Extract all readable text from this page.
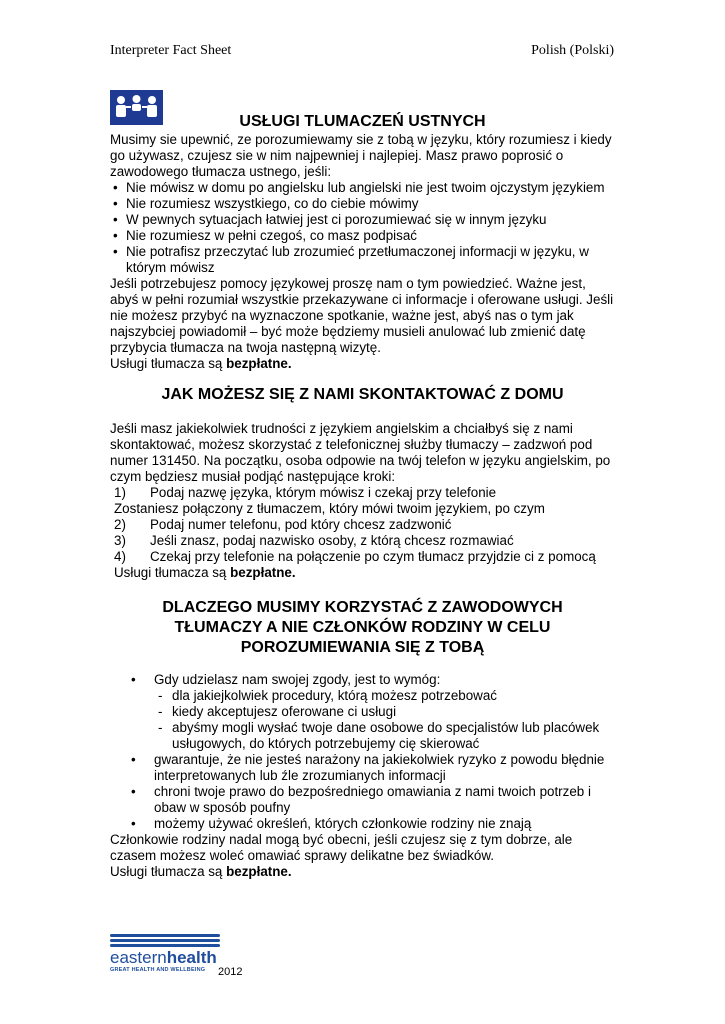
Interpreter Fact Sheet	Polish (Polski)
USŁUGI TLUMACZEŃ USTNYCH

Musimy sie upewnić, ze porozumiewamy sie z tobą w języku, który rozumiesz i kiedy go używasz, czujesz sie w nim najpewniej i najlepiej. Masz prawo poprosić o zawodowego tłumacza ustnego, jeśli:

• Nie mówisz w domu po angielsku lub angielski nie jest twoim ojczystym językiem
• Nie rozumiesz wszystkiego, co do ciebie mówimy
• W pewnych sytuacjach łatwiej jest ci porozumiewać się w innym języku
• Nie rozumiesz w pełni czegoś, co masz podpisać
• Nie potrafisz przeczytać lub zrozumieć przetłumaczonej informacji w języku, w którym mówisz

Jeśli potrzebujesz pomocy językowej proszę nam o tym powiedzieć. Ważne jest, abyś w pełni rozumiał wszystkie przekazywane ci informacje i oferowane usługi. Jeśli nie możesz przybyć na wyznaczone spotkanie, ważne jest, abyś nas o tym jak najszybciej powiadomił – być może będziemy musieli anulować lub zmienić datę przybycia tłumacza na twoja następną wizytę.

Usługi tłumacza są bezpłatne.

JAK MOŻESZ SIĘ Z NAMI SKONTAKTOWAĆ Z DOMU

Jeśli masz jakiekolwiek trudności z językiem angielskim a chciałbyś się z nami skontaktować, możesz skorzystać z telefonicznej służby tłumaczy – zadzwoń pod numer 131450. Na początku, osoba odpowie na twój telefon w języku angielskim, po czym będziesz musiał podjąć następujące kroki:

1) Podaj nazwę języka, którym mówisz i czekaj przy telefonie

Zostaniesz połączony z tłumaczem, który mówi twoim językiem, po czym

2) Podaj numer telefonu, pod który chcesz zadzwonić
3) Jeśli znasz, podaj nazwisko osoby, z którą chcesz rozmawiać
4) Czekaj przy telefonie na połączenie po czym tłumacz przyjdzie ci z pomocą

Usługi tłumacza są bezpłatne.

DLACZEGO MUSIMY KORZYSTAĆ Z ZAWODOWYCH
TŁUMACZY A NIE CZŁONKÓW RODZINY W CELU
POROZUMIEWANIA SIĘ Z TOBĄ
• Gdy udzielasz nam swojej zgody, jest to wymóg:
- dla jakiejkolwiek procedury, którą możesz potrzebować
- kiedy akceptujesz oferowane ci usługi
- abyśmy mogli wysłać twoje dane osobowe do specjalistów lub placówek usługowych, do których potrzebujemy cię skierować
• gwarantuje, że nie jesteś narażony na jakiekolwiek ryzyko z powodu błędnie interpretowanych lub źle zrozumianych informacji
• chroni twoje prawo do bezpośredniego omawiania z nami twoich potrzeb i obaw w sposób poufny
• możemy używać określeń, których członkowie rodziny nie znają

Członkowie rodziny nadal mogą być obecni, jeśli czujesz się z tym dobrze, ale czasem możesz woleć omawiać sprawy delikatne bez świadków.

Usługi tłumacza są bezpłatne.

easternhealth
GREAT HEALTH AND WELLBEING	2012
